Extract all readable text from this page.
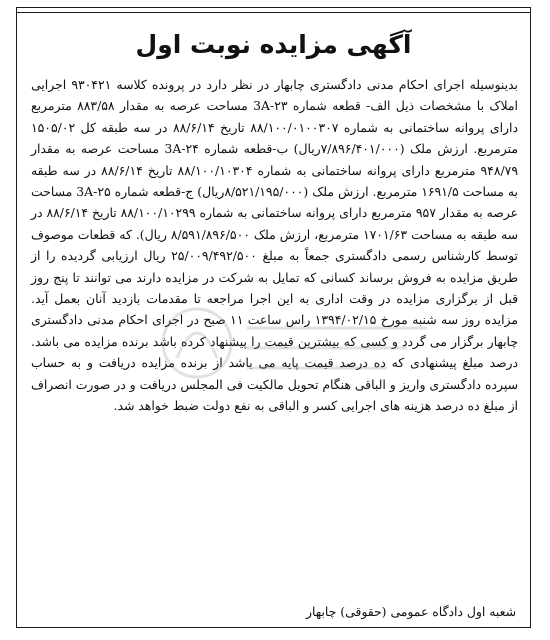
آگهی مزایده نوبت اول

بدینوسیله اجرای احکام مدنی دادگستری چابهار در نظر دارد در پرونده کلاسه ۹۳۰۴۲۱ اجرایی املاک با مشخصات ذیل الف- قطعه شماره ۲۳-3A مساحت عرصه به مقدار ۸۸۳/۵۸ مترمربع دارای پروانه ساختمانی به شماره ۸۸/۱۰۰/۰۱۰۰۳۰۷ تاریخ ۸۸/۶/۱۴ در سه طبقه کل ۱۵۰۵/۰۲ مترمربع. ارزش ملک (۷/۸۹۶/۴۰۱/۰۰۰ریال) ب-قطعه شماره ۲۴-3A مساحت عرصه به مقدار ۹۴۸/۷۹ مترمربع دارای پروانه ساختمانی به شماره ۸۸/۱۰۰/۱۰۳۰۴ تاریخ ۸۸/۶/۱۴ در سه طبقه به مساحت ۱۶۹۱/۵ مترمربع. ارزش ملک (۸/۵۲۱/۱۹۵/۰۰۰ریال) ج-قطعه شماره ۲۵-3A مساحت عرصه به مقدار ۹۵۷ مترمربع دارای پروانه ساختمانی به شماره ۸۸/۱۰۰/۱۰۲۹۹ تاریخ ۸۸/۶/۱۴ در سه طبقه به مساحت ۱۷۰۱/۶۳ مترمربع، ارزش ملک ۸/۵۹۱/۸۹۶/۵۰۰ ریال). که قطعات موصوف توسط کارشناس رسمی دادگستری جمعاً به مبلغ ۲۵/۰۰۹/۴۹۲/۵۰۰ ریال ارزیابی گردیده را از طریق مزایده به فروش برساند کسانی که تمایل به شرکت در مزایده دارند می توانند تا پنج روز قبل از برگزاری مزایده در وقت اداری به این اجرا مراجعه تا مقدمات بازدید آنان بعمل آید. مزایده روز سه شنبه مورخ ۱۳۹۴/۰۲/۱۵ راس ساعت ۱۱ صبح در اجرای احکام مدنی دادگستری چابهار برگزار می گردد و کسی که بیشترین قیمت را پیشنهاد کرده باشد برنده مزایده می باشد. درصد مبلغ پیشنهادی که ده درصد قیمت پایه می باشد از برنده مزایده دریافت و به حساب سپرده دادگستری واریز و الباقی هنگام تحویل مالکیت فی المجلس دریافت و در صورت انصراف از مبلغ ده درصد هزینه های اجرایی کسر و الباقی به نفع دولت ضبط خواهد شد.

شعبه اول دادگاه عمومی (حقوقی) چابهار
